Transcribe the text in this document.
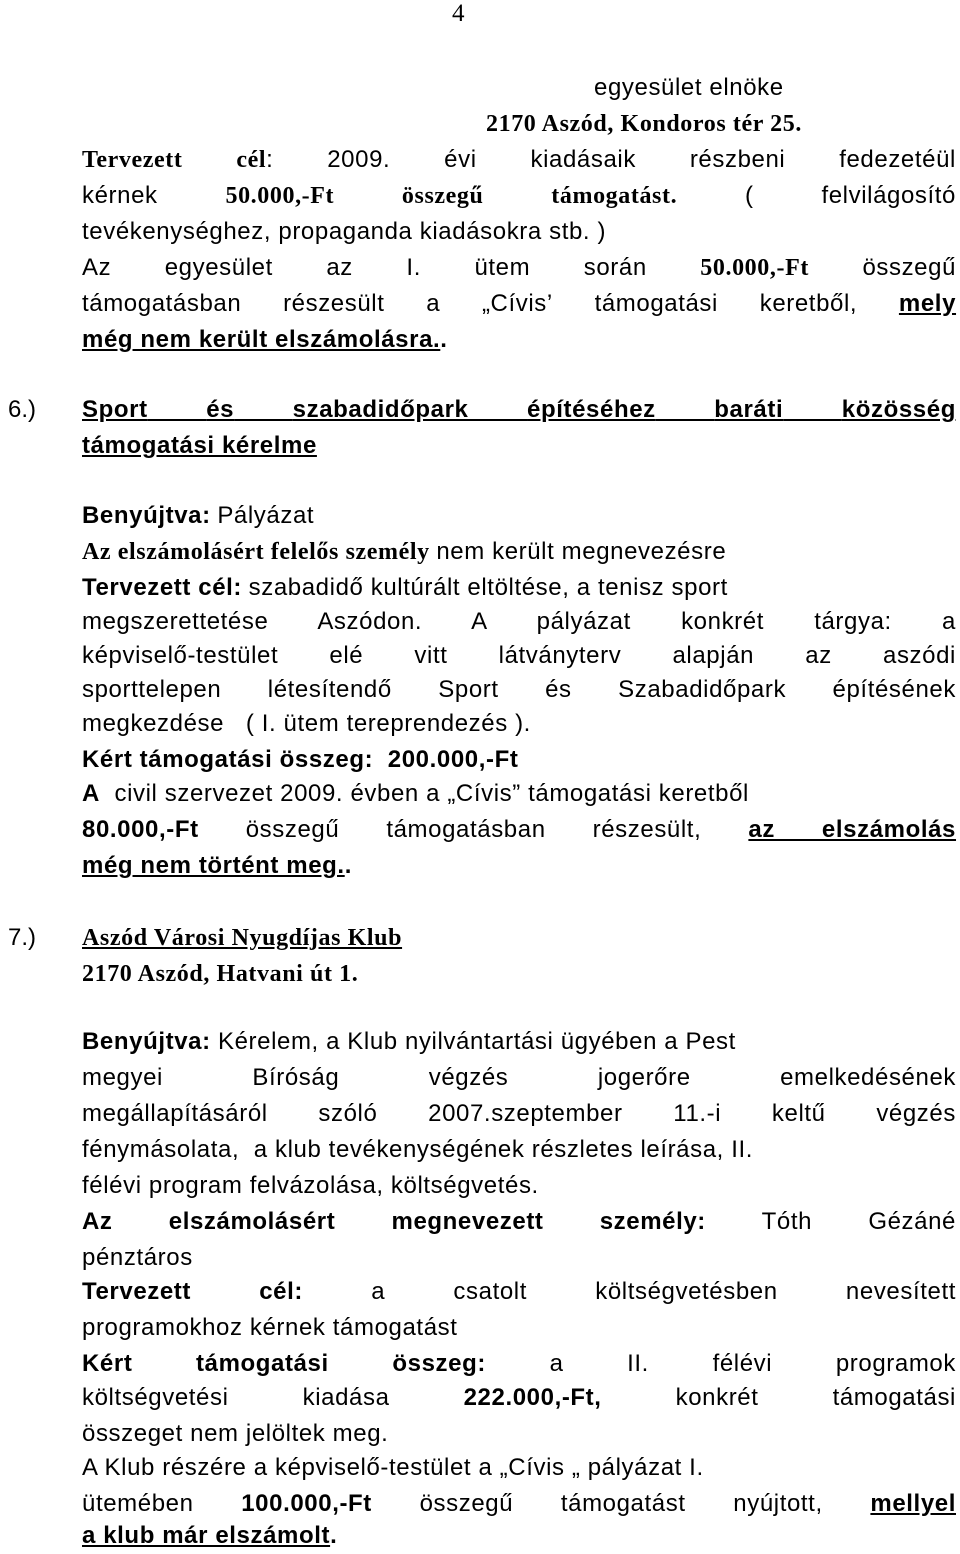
4
egyesület elnöke
2170 Aszód, Kondoros tér 25.
Tervezett cél: 2009. évi kiadásaik részbeni fedezetéül
kérnek	50.000,-Ft összegű támogatást.	(	felvilágosító
tevékenységhez, propaganda kiadásokra stb. )
Az egyesület az I. ütem során 50.000,-Ft összegű
támogatásban részesült a „Cívis’ támogatási keretből, mely
még nem került elszámolásra..
6.) Sport és szabadidőpark építéséhez baráti közösség
támogatási kérelme
Benyújtva: Pályázat
Az elszámolásért felelős személy nem került megnevezésre
Tervezett cél: szabadidő kultúrált eltöltése, a tenisz sport
megszerettetése Aszódon. A pályázat konkrét tárgya: a
képviselő-testület elé vitt látványterv alapján az aszódi
sporttelepen létesítendő Sport és Szabadidőpark építésének
megkezdése ( I. ütem tereprendezés ).
Kért támogatási összeg: 200.000,-Ft
A civil szervezet 2009. évben a „Cívis” támogatási keretből
80.000,-Ft összegű támogatásban részesült, az elszámolás
még nem történt meg..
7.) Aszód Városi Nyugdíjas Klub
2170 Aszód, Hatvani út 1.
Benyújtva: Kérelem, a Klub nyilvántartási ügyében a Pest
megyei	Bíróság	végzés	jogerőre	emelkedésének
megállapításáról szóló 2007.szeptember 11.-i keltű végzés
fénymásolata, a klub tevékenységének részletes leírása, II.
félévi program felvázolása, költségvetés.
Az elszámolásért megnevezett személy: Tóth Gézáné
pénztáros
Tervezett	cél:	a	csatolt	költségvetésben	nevesített
programokhoz kérnek támogatást
Kért	támogatási	összeg:	a	II.	félévi	programok
költségvetési	kiadása	222.000,-Ft,	konkrét	támogatási
összeget nem jelöltek meg.
A Klub részére a képviselő-testület a „Cívis „ pályázat I.
ütemében 100.000,-Ft összegű támogatást nyújtott, mellyel
a klub már elszámolt.
